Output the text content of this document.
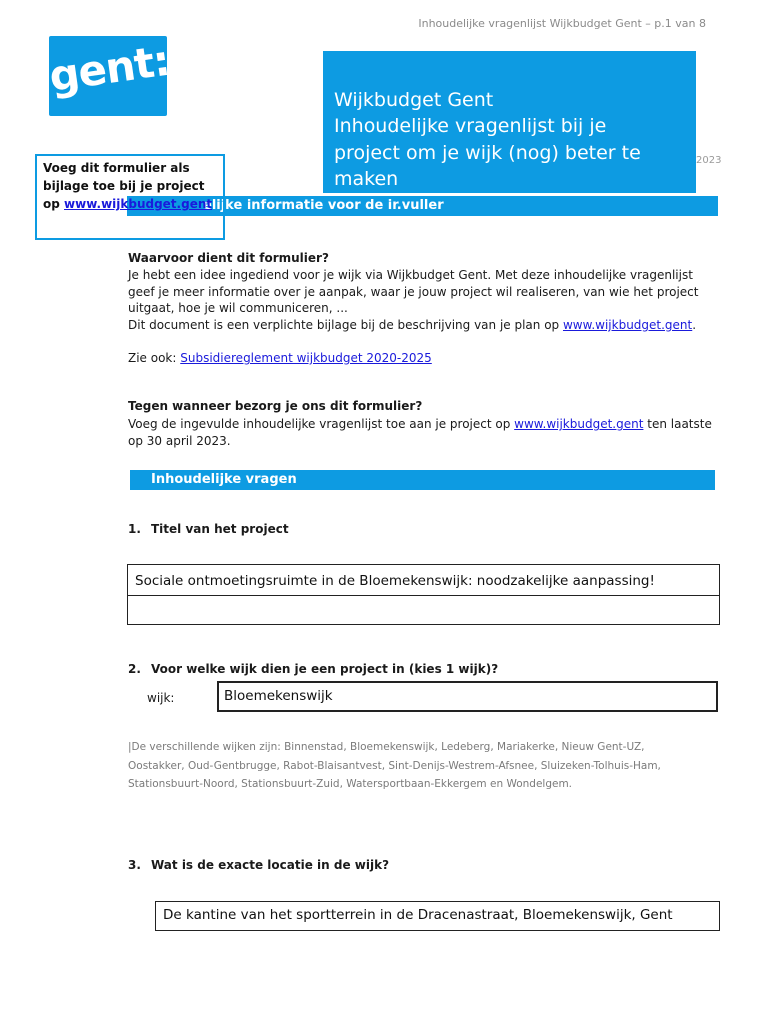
Inhoudelijke vragenlijst Wijkbudget Gent – p.1 van 8
gent:	Wijkbudget Gent
Inhoudelijke vragenlijst bij je
project om je wijk (nog) beter te
maken
2023
elijke informatie voor de ir.vuller
Voeg dit formulier als
bijlage toe bij je project
op www.wijkbudget.gent
Waarvoor dient dit formulier?
Je hebt een idee ingediend voor je wijk via Wijkbudget Gent. Met deze inhoudelijke vragenlijst
geef je meer informatie over je aanpak, waar je jouw project wil realiseren, van wie het project
uitgaat, hoe je wil communiceren, ...
Dit document is een verplichte bijlage bij de beschrijving van je plan op www.wijkbudget.gent.
Zie ook: Subsidiereglement wijkbudget 2020-2025
Tegen wanneer bezorg je ons dit formulier?
Voeg de ingevulde inhoudelijke vragenlijst toe aan je project op www.wijkbudget.gent ten laatste
op 30 april 2023.
Inhoudelijke vragen
1. Titel van het project
Sociale ontmoetingsruimte in de Bloemekenswijk: noodzakelijke aanpassing!
2. Voor welke wijk dien je een project in (kies 1 wijk)?
wijk:	Bloemekenswijk
|De verschillende wijken zijn: Binnenstad, Bloemekenswijk, Ledeberg, Mariakerke, Nieuw Gent-UZ,
Oostakker, Oud-Gentbrugge, Rabot-Blaisantvest, Sint-Denijs-Westrem-Afsnee, Sluizeken-Tolhuis-Ham,
Stationsbuurt-Noord, Stationsbuurt-Zuid, Watersportbaan-Ekkergem en Wondelgem.
3. Wat is de exacte locatie in de wijk?
De kantine van het sportterrein in de Dracenastraat, Bloemekenswijk, Gent
